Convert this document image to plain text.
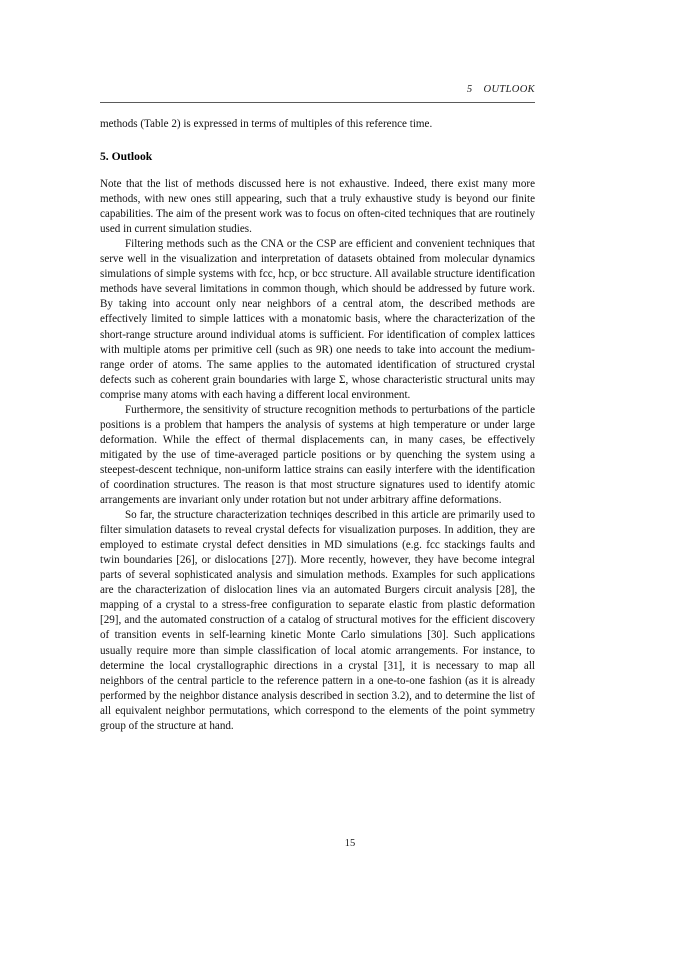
5 OUTLOOK

methods (Table 2) is expressed in terms of multiples of this reference time.

5. Outlook

Note that the list of methods discussed here is not exhaustive. Indeed, there exist many more methods, with new ones still appearing, such that a truly exhaustive study is beyond our finite capabilities. The aim of the present work was to focus on often-cited techniques that are routinely used in current simulation studies.

Filtering methods such as the CNA or the CSP are efficient and convenient techniques that serve well in the visualization and interpretation of datasets obtained from molecular dynamics simulations of simple systems with fcc, hcp, or bcc structure. All available structure identification methods have several limitations in common though, which should be addressed by future work. By taking into account only near neighbors of a central atom, the described methods are effectively limited to simple lattices with a monatomic basis, where the characterization of the short-range structure around individual atoms is sufficient. For identification of complex lattices with multiple atoms per primitive cell (such as 9R) one needs to take into account the medium-range order of atoms. The same applies to the automated identification of structured crystal defects such as coherent grain boundaries with large Σ, whose characteristic structural units may comprise many atoms with each having a different local environment.

Furthermore, the sensitivity of structure recognition methods to perturbations of the particle positions is a problem that hampers the analysis of systems at high temperature or under large deformation. While the effect of thermal displacements can, in many cases, be effectively mitigated by the use of time-averaged particle positions or by quenching the system using a steepest-descent technique, non-uniform lattice strains can easily interfere with the identification of coordination structures. The reason is that most structure signatures used to identify atomic arrangements are invariant only under rotation but not under arbitrary affine deformations.

So far, the structure characterization techniqes described in this article are primarily used to filter simulation datasets to reveal crystal defects for visualization purposes. In addition, they are employed to estimate crystal defect densities in MD simulations (e.g. fcc stackings faults and twin boundaries [26], or dislocations [27]). More recently, however, they have become integral parts of several sophisticated analysis and simulation methods. Examples for such applications are the characterization of dislocation lines via an automated Burgers circuit analysis [28], the mapping of a crystal to a stress-free configuration to separate elastic from plastic deformation [29], and the automated construction of a catalog of structural motives for the efficient discovery of transition events in self-learning kinetic Monte Carlo simulations [30]. Such applications usually require more than simple classification of local atomic arrangements. For instance, to determine the local crystallographic directions in a crystal [31], it is necessary to map all neighbors of the central particle to the reference pattern in a one-to-one fashion (as it is already performed by the neighbor distance analysis described in section 3.2), and to determine the list of all equivalent neighbor permutations, which correspond to the elements of the point symmetry group of the structure at hand.

15
